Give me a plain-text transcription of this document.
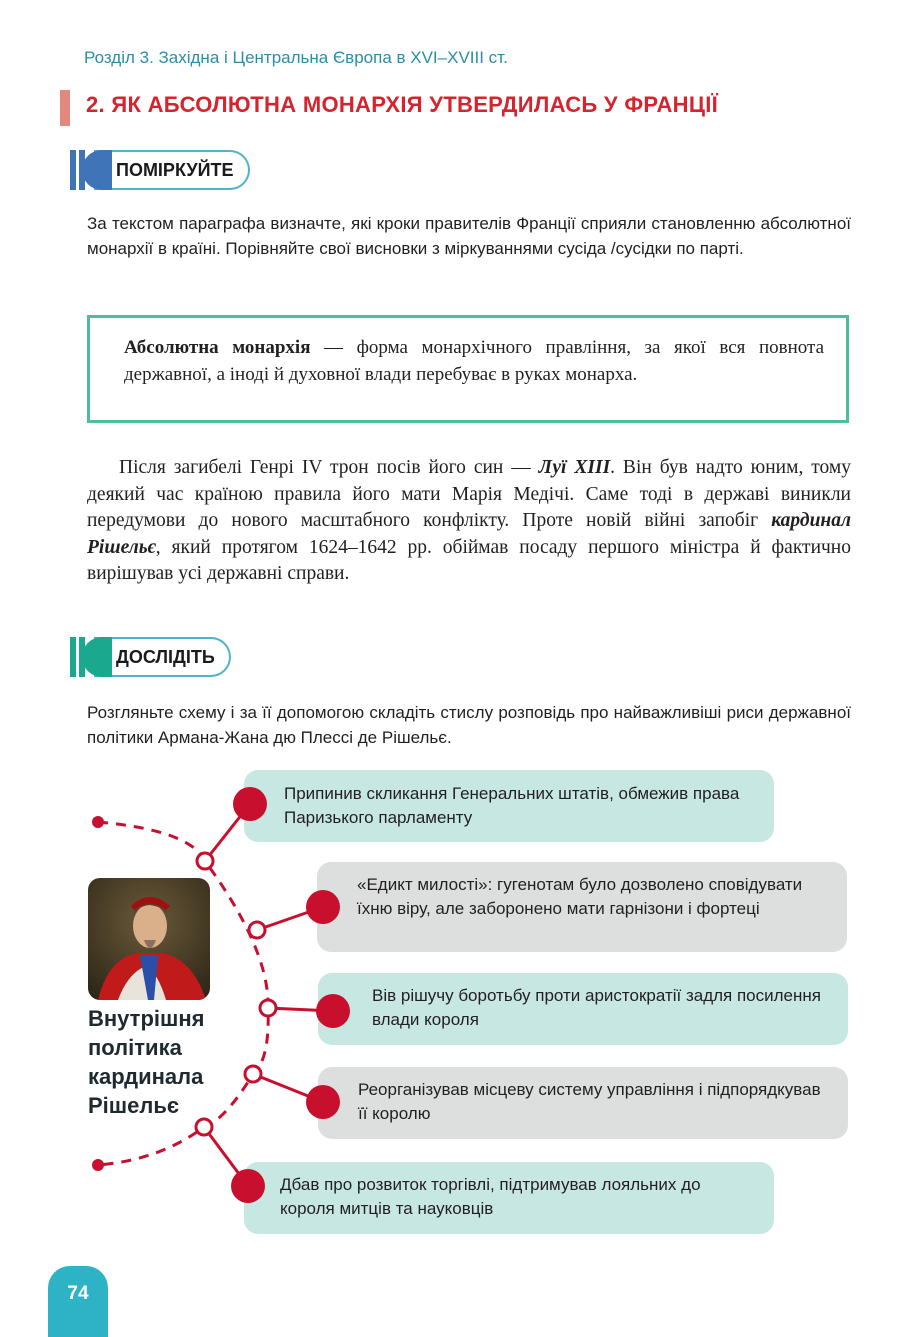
Розділ 3. Західна і Центральна Європа в XVI–XVIII ст.
2. ЯК АБСОЛЮТНА МОНАРХІЯ УТВЕРДИЛАСЬ У ФРАНЦІЇ
ПОМІРКУЙТЕ
За текстом параграфа визначте, які кроки правителів Франції сприяли становленню абсолютної монархії в країні. Порівняйте свої висновки з міркуваннями сусіда /сусідки по парті.
Абсолютна монархія — форма монархічного правління, за якої вся повнота державної, а іноді й духовної влади перебуває в руках монарха.
Після загибелі Генрі IV трон посів його син — Луї XIII. Він був надто юним, тому деякий час країною правила його мати Марія Медічі. Саме тоді в державі виникли передумови до нового масштабного конфлікту. Проте новій війні запобіг кардинал Рішельє, який протягом 1624–1642 рр. обіймав посаду першого міністра й фактично вирішував усі державні справи.
ДОСЛІДІТЬ
Розгляньте схему і за її допомогою складіть стислу розповідь про найважливіші риси державної політики Армана-Жана дю Плессі де Рішельє.
Припинив скликання Генеральних штатів, обмежив права Паризького парламенту
«Едикт милості»: гугенотам було дозволено сповідувати їхню віру, але заборонено мати гарнізони і фортеці
Вів рішучу боротьбу проти аристократії задля посилення влади короля
Реорганізував місцеву систему управління і підпорядкував її королю
Дбав про розвиток торгівлі, підтримував лояльних до короля митців та науковців
Внутрішня політика кардинала Рішельє
74
